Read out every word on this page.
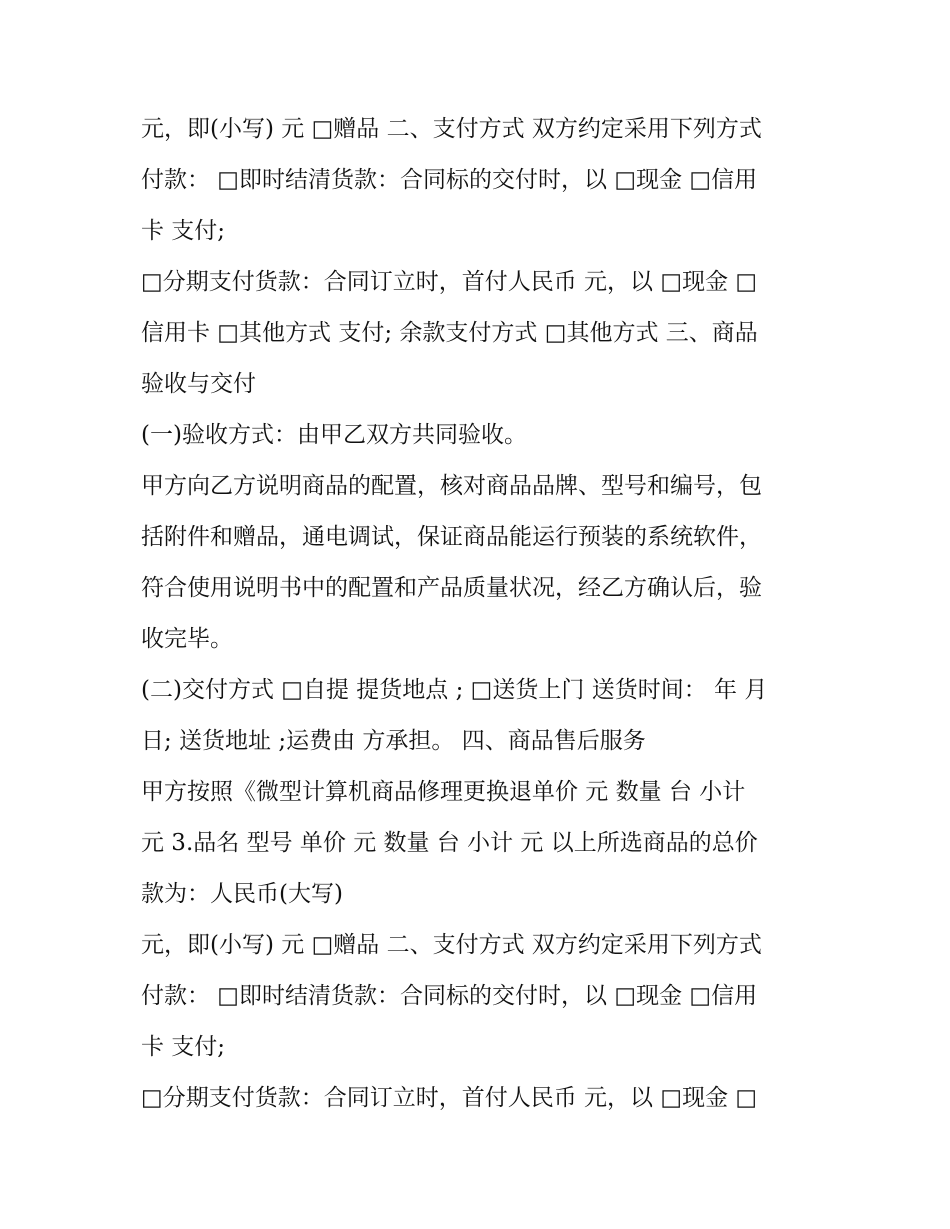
元，即(小写) 元 □赠品 二、支付方式 双方约定采用下列方式
付款： □即时结清货款：合同标的交付时，以 □现金 □信用
卡 支付;
□分期支付货款：合同订立时，首付人民币 元，以 □现金 □
信用卡 □其他方式 支付; 余款支付方式 □其他方式 三、商品
验收与交付
(一)验收方式：由甲乙双方共同验收。
甲方向乙方说明商品的配置，核对商品品牌、型号和编号，包
括附件和赠品，通电调试，保证商品能运行预装的系统软件，
符合使用说明书中的配置和产品质量状况，经乙方确认后，验
收完毕。
(二)交付方式 □自提 提货地点 ; □送货上门 送货时间： 年 月
日; 送货地址 ;运费由 方承担。 四、商品售后服务
甲方按照《微型计算机商品修理更换退单价 元 数量 台 小计
元 3.品名 型号 单价 元 数量 台 小计 元 以上所选商品的总价
款为：人民币(大写)
元，即(小写) 元 □赠品 二、支付方式 双方约定采用下列方式
付款： □即时结清货款：合同标的交付时，以 □现金 □信用
卡 支付;
□分期支付货款：合同订立时，首付人民币 元，以 □现金 □
